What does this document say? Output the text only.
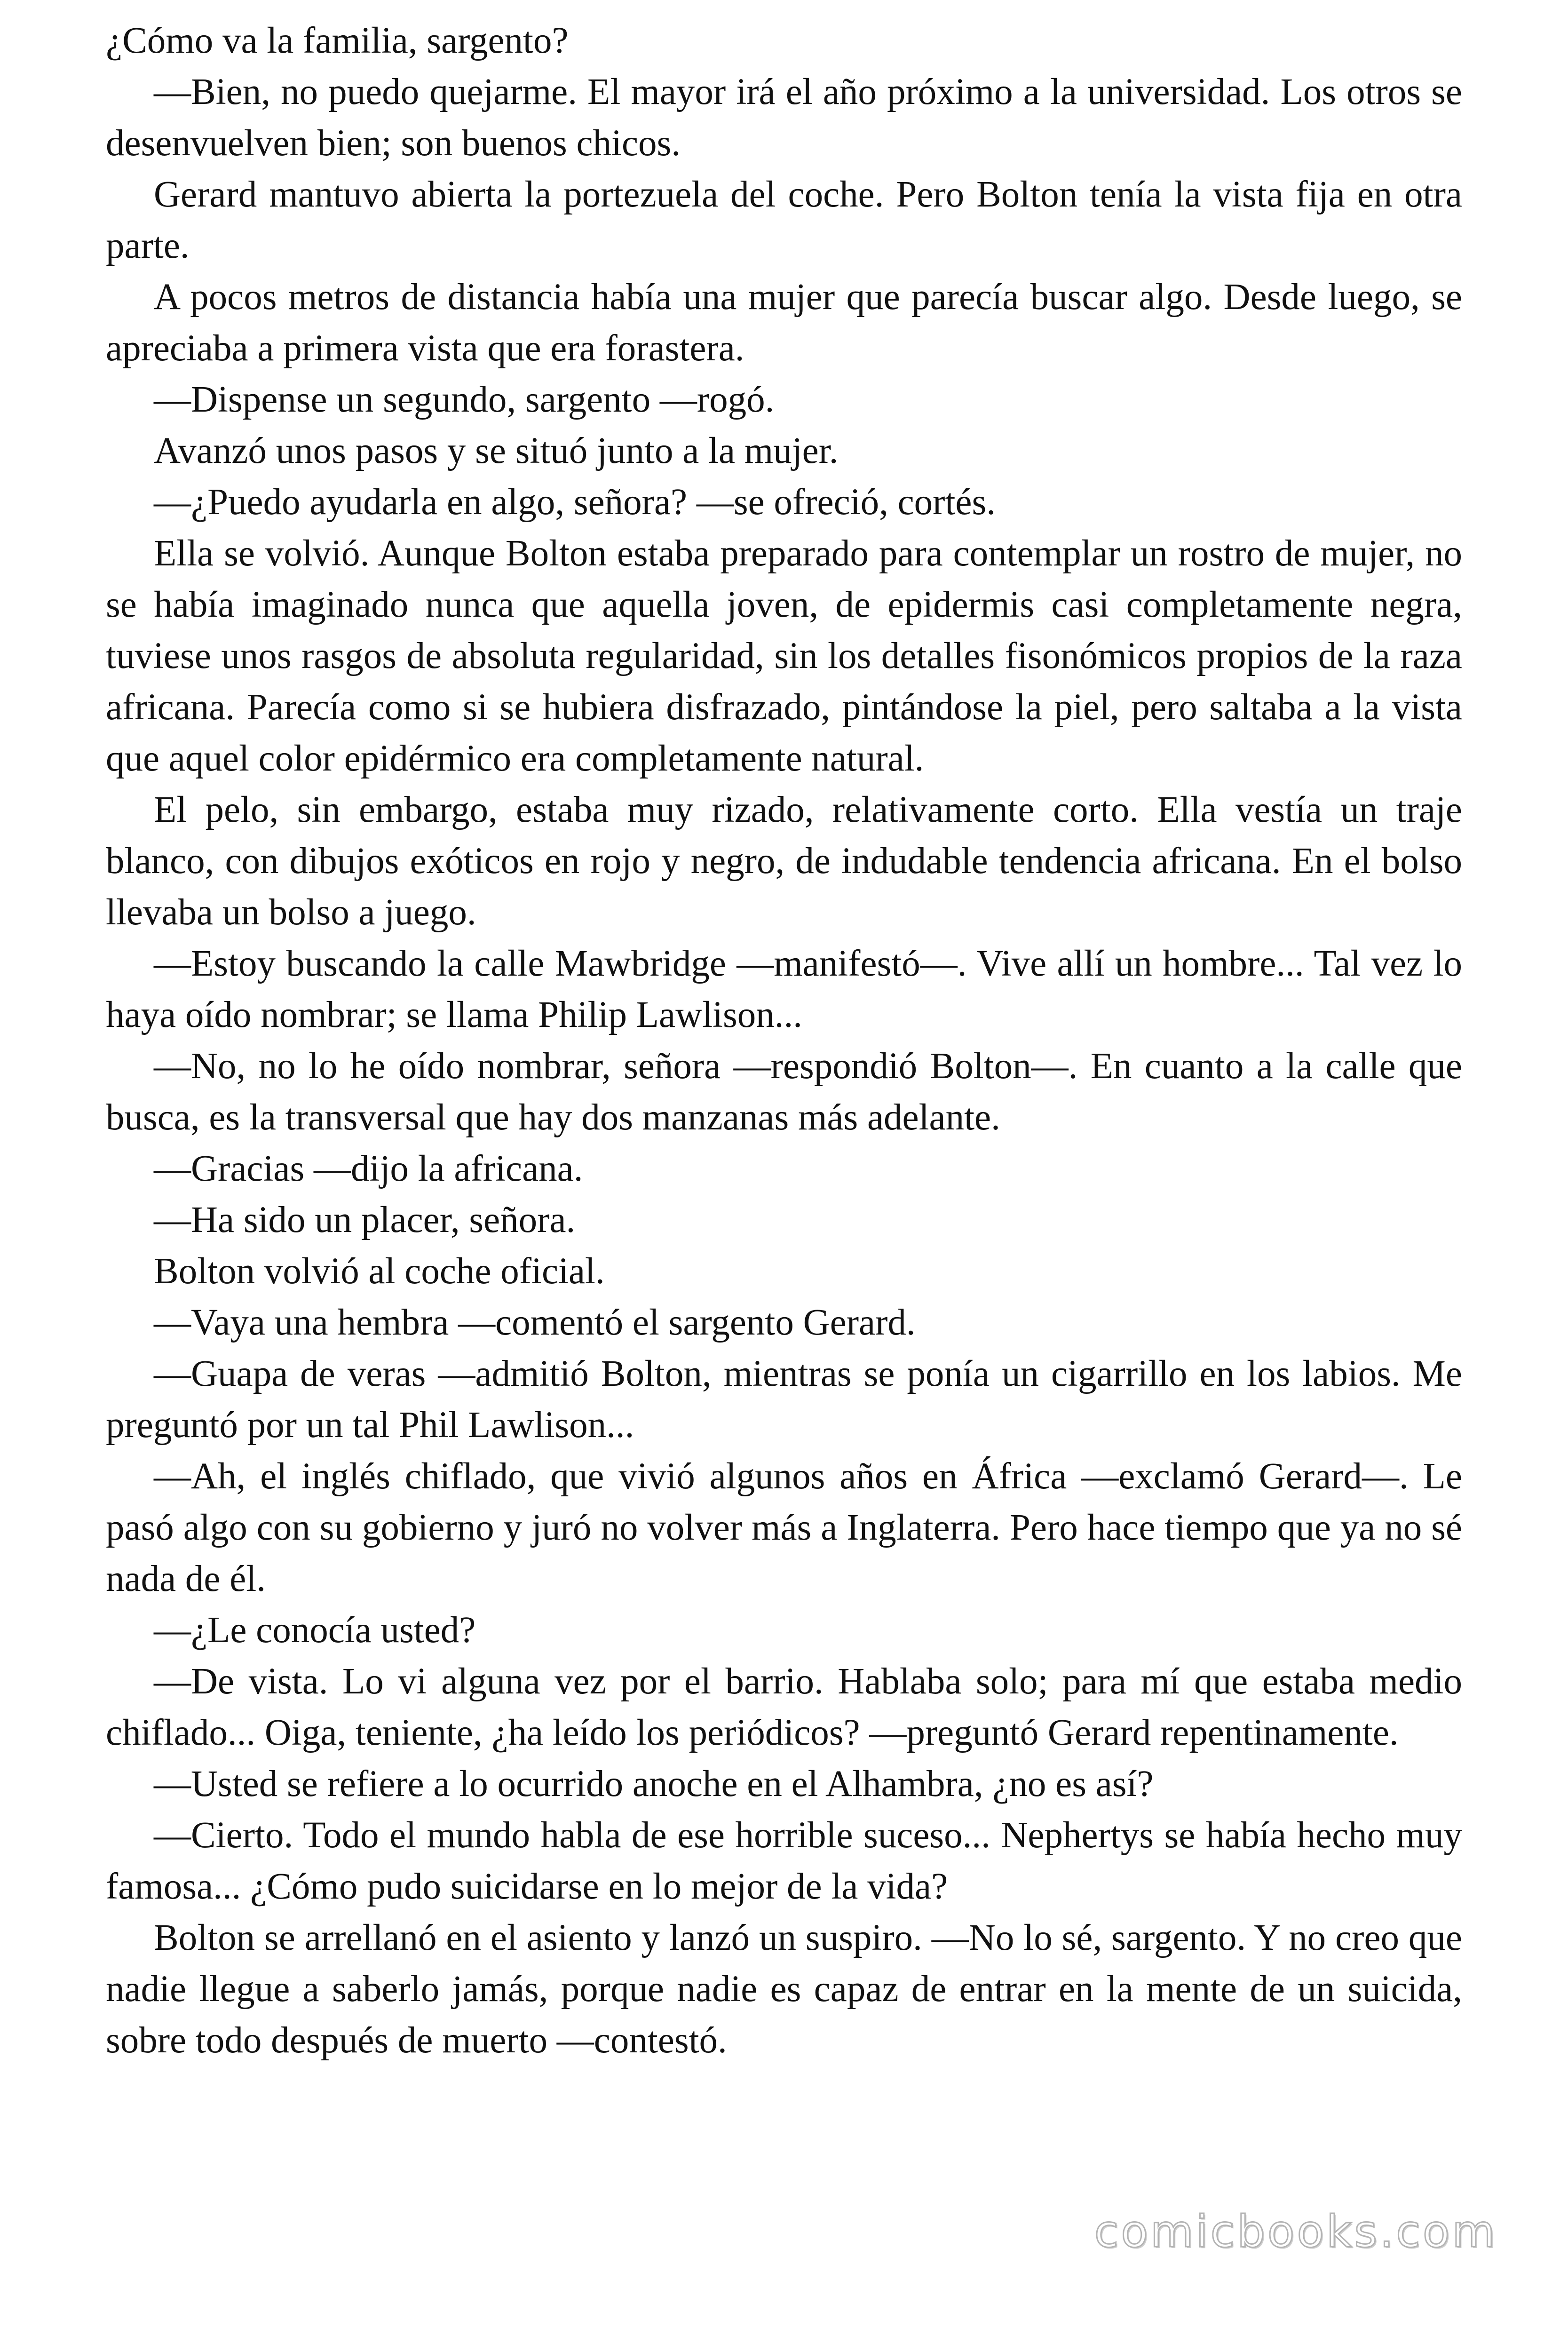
¿Cómo va la familia, sargento?

—Bien, no puedo quejarme. El mayor irá el año próximo a la universidad. Los otros se desenvuelven bien; son buenos chicos.

Gerard mantuvo abierta la portezuela del coche. Pero Bolton tenía la vista fija en otra parte.

A pocos metros de distancia había una mujer que parecía buscar algo. Desde luego, se apreciaba a primera vista que era forastera.

—Dispense un segundo, sargento —rogó.

Avanzó unos pasos y se situó junto a la mujer.

—¿Puedo ayudarla en algo, señora? —se ofreció, cortés.

Ella se volvió. Aunque Bolton estaba preparado para contemplar un rostro de mujer, no se había imaginado nunca que aquella joven, de epidermis casi completamente negra, tuviese unos rasgos de absoluta regularidad, sin los detalles fisonómicos propios de la raza africana. Parecía como si se hubiera disfrazado, pintándose la piel, pero saltaba a la vista que aquel color epidérmico era completamente natural.

El pelo, sin embargo, estaba muy rizado, relativamente corto. Ella vestía un traje blanco, con dibujos exóticos en rojo y negro, de indudable tendencia africana. En el bolso llevaba un bolso a juego.

—Estoy buscando la calle Mawbridge —manifestó—. Vive allí un hombre... Tal vez lo haya oído nombrar; se llama Philip Lawlison...

—No, no lo he oído nombrar, señora —respondió Bolton—. En cuanto a la calle que busca, es la transversal que hay dos manzanas más adelante.

—Gracias —dijo la africana.

—Ha sido un placer, señora.

Bolton volvió al coche oficial.

—Vaya una hembra —comentó el sargento Gerard.

—Guapa de veras —admitió Bolton, mientras se ponía un cigarrillo en los labios. Me preguntó por un tal Phil Lawlison...

—Ah, el inglés chiflado, que vivió algunos años en África —exclamó Gerard—. Le pasó algo con su gobierno y juró no volver más a Inglaterra. Pero hace tiempo que ya no sé nada de él.

—¿Le conocía usted?

—De vista. Lo vi alguna vez por el barrio. Hablaba solo; para mí que estaba medio chiflado... Oiga, teniente, ¿ha leído los periódicos? —preguntó Gerard repentinamente.

—Usted se refiere a lo ocurrido anoche en el Alhambra, ¿no es así?

—Cierto. Todo el mundo habla de ese horrible suceso... Nephertys se había hecho muy famosa... ¿Cómo pudo suicidarse en lo mejor de la vida?

Bolton se arrellanó en el asiento y lanzó un suspiro. —No lo sé, sargento. Y no creo que nadie llegue a saberlo jamás, porque nadie es capaz de entrar en la mente de un suicida, sobre todo después de muerto —contestó.

comicbooks.com
